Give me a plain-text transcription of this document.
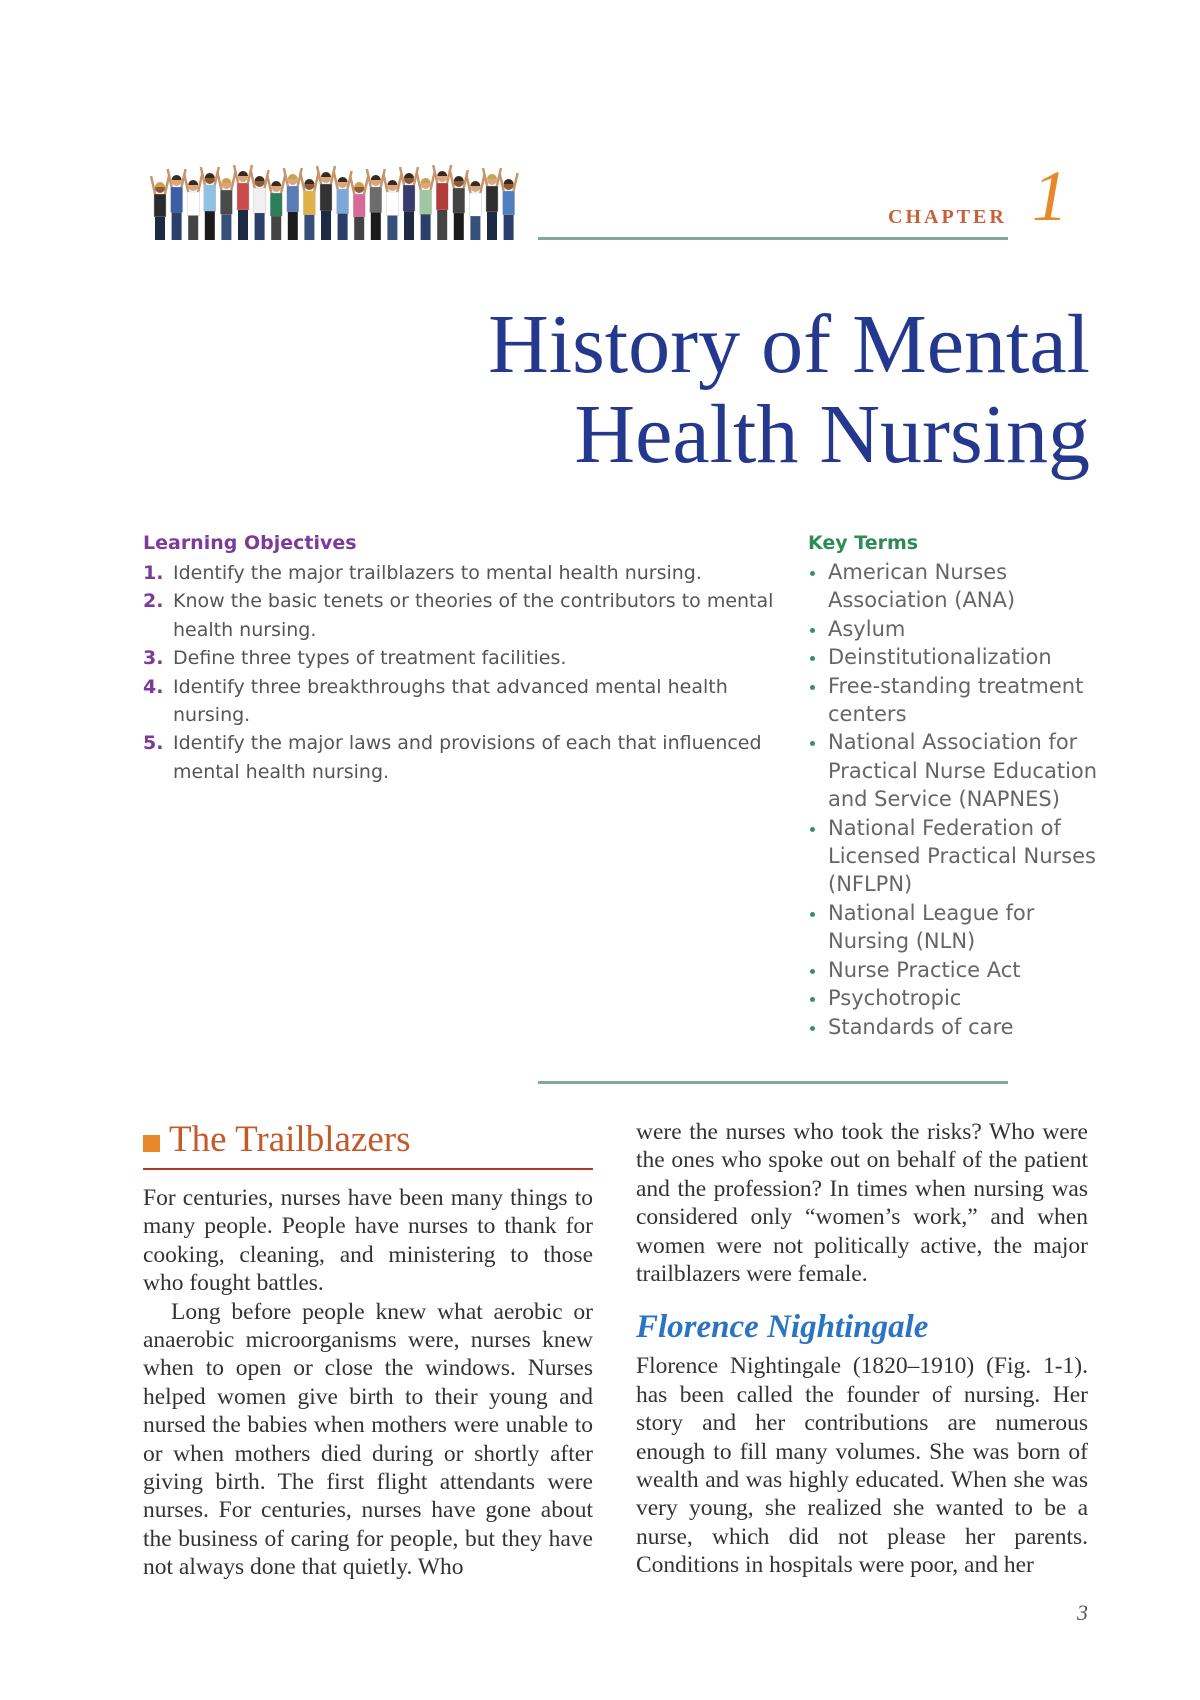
CHAPTER 1
History of Mental
Health Nursing
Learning Objectives
1. Identify the major trailblazers to mental health nursing.
2. Know the basic tenets or theories of the contributors to mental health nursing.
3. Define three types of treatment facilities.
4. Identify three breakthroughs that advanced mental health nursing.
5. Identify the major laws and provisions of each that influenced mental health nursing.
Key Terms
American Nurses Association (ANA)
Asylum
Deinstitutionalization
Free-standing treatment centers
National Association for Practical Nurse Education and Service (NAPNES)
National Federation of Licensed Practical Nurses (NFLPN)
National League for Nursing (NLN)
Nurse Practice Act
Psychotropic
Standards of care
The Trailblazers

For centuries, nurses have been many things to many people. People have nurses to thank for cooking, cleaning, and ministering to those who fought battles.

Long before people knew what aerobic or anaerobic microorganisms were, nurses knew when to open or close the windows. Nurses helped women give birth to their young and nursed the babies when mothers were unable to or when mothers died during or shortly after giving birth. The first flight attendants were nurses. For centuries, nurses have gone about the business of caring for people, but they have not always done that quietly. Who

were the nurses who took the risks? Who were the ones who spoke out on behalf of the patient and the profession? In times when nursing was considered only “women’s work,” and when women were not politically active, the major trailblazers were female.

Florence Nightingale

Florence Nightingale (1820–1910) (Fig. 1-1). has been called the founder of nursing. Her story and her contributions are numerous enough to fill many volumes. She was born of wealth and was highly educated. When she was very young, she realized she wanted to be a nurse, which did not please her parents. Conditions in hospitals were poor, and her

3
